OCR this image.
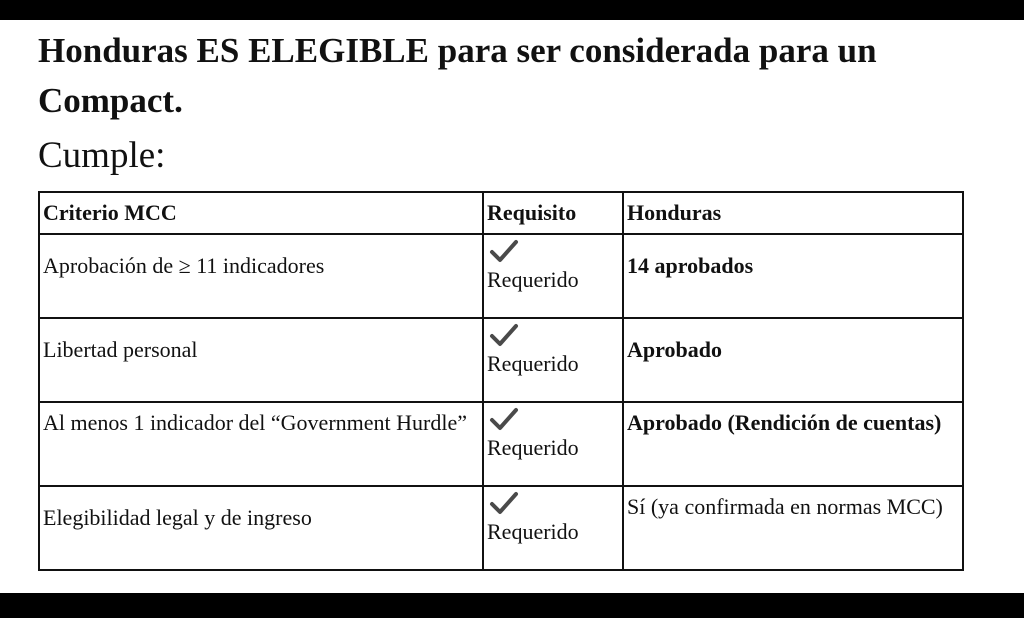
Honduras ES ELEGIBLE para ser considerada para un Compact.

Cumple:

Criterio MCC	Requisito	Honduras
Aprobación de ≥ 11 indicadores	Requerido	14 aprobados
Libertad personal	Requerido	Aprobado
Al menos 1 indicador del “Government Hurdle”	Requerido	Aprobado (Rendición de cuentas)
Elegibilidad legal y de ingreso	Requerido	Sí (ya confirmada en normas MCC)
